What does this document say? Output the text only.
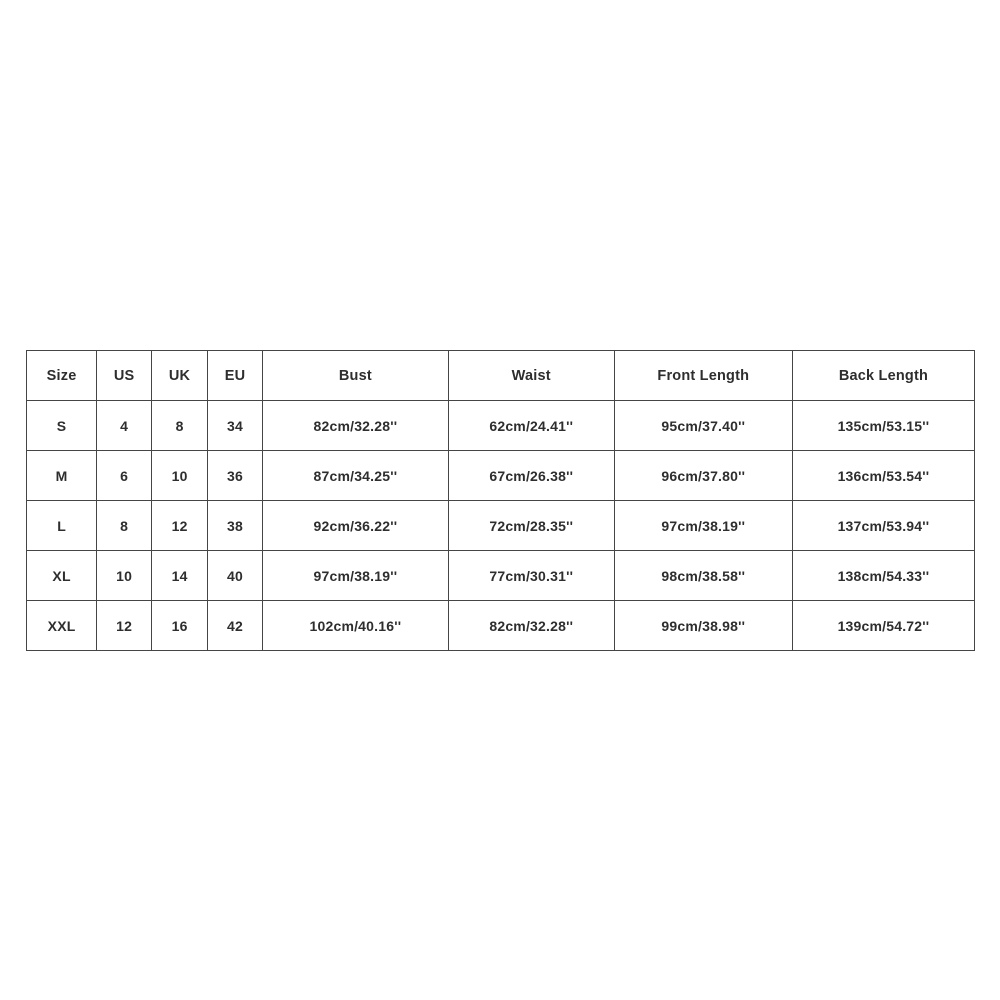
Size	US	UK	EU	Bust	Waist	Front Length	Back Length
S	4	8	34	82cm/32.28''	62cm/24.41''	95cm/37.40''	135cm/53.15''
M	6	10	36	87cm/34.25''	67cm/26.38''	96cm/37.80''	136cm/53.54''
L	8	12	38	92cm/36.22''	72cm/28.35''	97cm/38.19''	137cm/53.94''
XL	10	14	40	97cm/38.19''	77cm/30.31''	98cm/38.58''	138cm/54.33''
XXL	12	16	42	102cm/40.16''	82cm/32.28''	99cm/38.98''	139cm/54.72''
